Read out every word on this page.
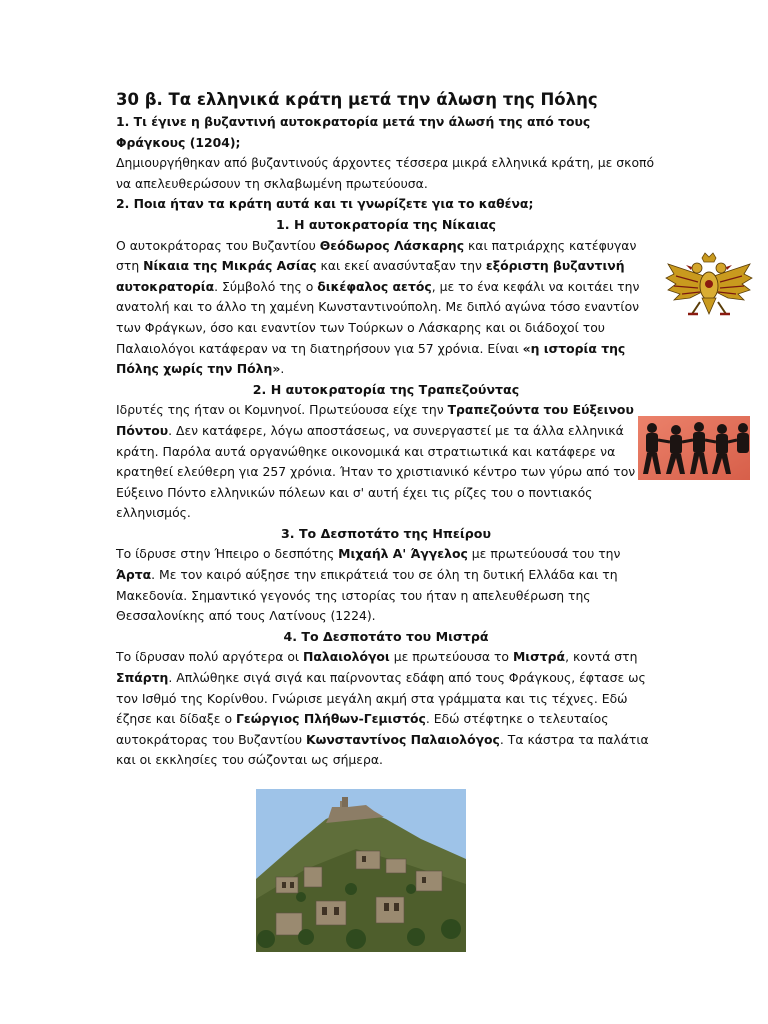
30 β. Τα ελληνικά κράτη μετά την άλωση της Πόλης

1. Τι έγινε η βυζαντινή αυτοκρατορία μετά την άλωσή της από τους Φράγκους (1204);

Δημιουργήθηκαν από βυζαντινούς άρχοντες τέσσερα μικρά ελληνικά κράτη, με σκοπό να απελευθερώσουν τη σκλαβωμένη πρωτεύουσα.

2. Ποια ήταν τα κράτη αυτά και τι γνωρίζετε για το καθένα;

1. Η αυτοκρατορία της Νίκαιας

Ο αυτοκράτορας του Βυζαντίου Θεόδωρος Λάσκαρης και πατριάρχης κατέφυγαν στη Νίκαια της Μικράς Ασίας και εκεί ανασύνταξαν την εξόριστη βυζαντινή αυτοκρατορία. Σύμβολό της ο δικέφαλος αετός, με το ένα κεφάλι να κοιτάει την ανατολή και το άλλο τη χαμένη Κωνσταντινούπολη. Με διπλό αγώνα τόσο εναντίον των Φράγκων, όσο και εναντίον των Τούρκων ο Λάσκαρης και οι διάδοχοί του Παλαιολόγοι κατάφεραν να τη διατηρήσουν για 57 χρόνια. Είναι «η ιστορία της Πόλης χωρίς την Πόλη».

2. Η αυτοκρατορία της Τραπεζούντας

Ιδρυτές της ήταν οι Κομνηνοί. Πρωτεύουσα είχε την Τραπεζούντα του Εύξεινου Πόντου. Δεν κατάφερε, λόγω αποστάσεως, να συνεργαστεί με τα άλλα ελληνικά κράτη. Παρόλα αυτά οργανώθηκε οικονομικά και στρατιωτικά και κατάφερε να κρατηθεί ελεύθερη για 257 χρόνια. Ήταν το χριστιανικό κέντρο των γύρω από τον Εύξεινο Πόντο ελληνικών πόλεων και σ' αυτή έχει τις ρίζες του ο ποντιακός ελληνισμός.

3. Το Δεσποτάτο της Ηπείρου

Το ίδρυσε στην Ήπειρο ο δεσπότης Μιχαήλ Α' Άγγελος με πρωτεύουσά του την Άρτα. Με τον καιρό αύξησε την επικράτειά του σε όλη τη δυτική Ελλάδα και τη Μακεδονία. Σημαντικό γεγονός της ιστορίας του ήταν η απελευθέρωση της Θεσσαλονίκης από τους Λατίνους (1224).

4. Το Δεσποτάτο του Μιστρά

Το ίδρυσαν πολύ αργότερα οι Παλαιολόγοι με πρωτεύουσα το Μιστρά, κοντά στη Σπάρτη. Απλώθηκε σιγά σιγά και παίρνοντας εδάφη από τους Φράγκους, έφτασε ως τον Ισθμό της Κορίνθου. Γνώρισε μεγάλη ακμή στα γράμματα και τις τέχνες. Εδώ έζησε και δίδαξε ο Γεώργιος Πλήθων-Γεμιστός. Εδώ στέφτηκε ο τελευταίος αυτοκράτορας του Βυζαντίου Κωνσταντίνος Παλαιολόγος. Τα κάστρα τα παλάτια και οι εκκλησίες του σώζονται ως σήμερα.
